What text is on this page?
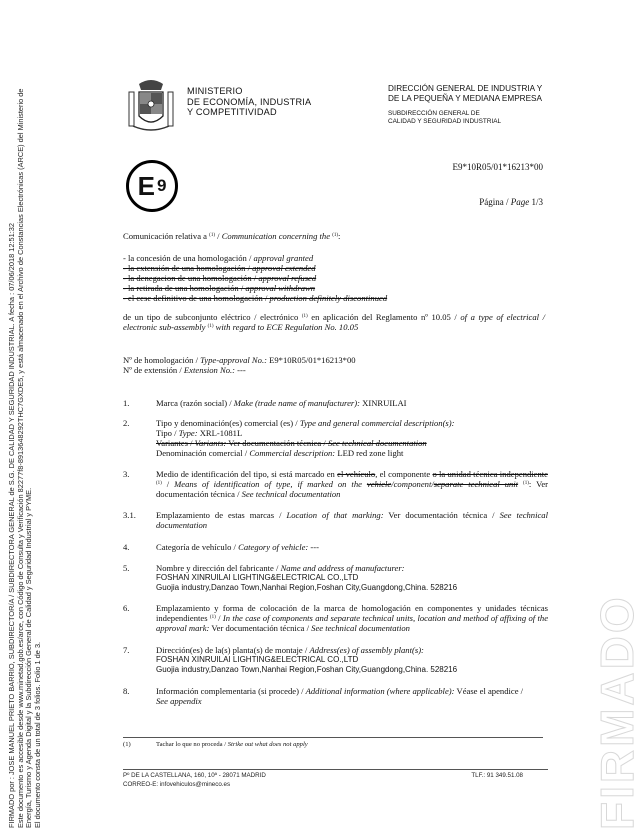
FIRMADO por : JOSE MANUEL PRIETO BARRIO, SUBDIRECTOR/A / SUBDIRECTORA GENERAL de S.G. DE CALIDAD Y SEGURIDAD INDUSTRIAL. A fecha : 07/06/2018 12:51:32 Este documento es accesible desde www.minetad.gob.es/arce, con Código de Consulta y Verificación 82277f8-8913648292THC7GXDE5, y está almacenado en el Archivo de Constancias Electrónicas (ARCE) del Ministerio de Energía, Turismo y Agenda Digital y la Subdirección General de Calidad y Seguridad Industrial y PYME. El documento consta de un total de 3 folios. Folio 1 de 3.	FIRMADO
MINISTERIO
DE ECONOMÍA, INDUSTRIA
Y COMPETITIVIDAD
DIRECCIÓN GENERAL DE INDUSTRIA Y
DE LA PEQUEÑA Y MEDIANA EMPRESA
SUBDIRECCIÓN GENERAL DE
CALIDAD Y SEGURIDAD INDUSTRIAL
E 9
E9*10R05/01*16213*00
Página / Page 1/3
Comunicación relativa a $^{(1)}$ / Communication concerning the $^{(1)}$:
- la concesión de una homologación / approval granted
- la extensión de una homologación / approval extended
- la denegacion de una homologación / approval refused
- la retirada de una homologación / approval withdrawn
- el cese definitivo de una homologación / production definitely discontinued
de un tipo de subconjunto eléctrico / electrónico $^{(1)}$ en aplicación del Reglamento nº 10.05 / of a type of electrical / electronic sub-assembly $^{(1)}$ with regard to ECE Regulation No. 10.05
Nº de homologación / Type-approval No.: E9*10R05/01*16213*00
Nº de extensión / Extension No.: ---
1.	Marca (razón social) / Make (trade name of manufacturer): XINRUILAI
2.	Tipo y denominación(es) comercial (es) / Type and general commercial description(s):
Tipo / Type: XRL-1081L
Variantes / Variants: Ver documentación técnica / See technical documentation
Denominación comercial / Commercial description: LED red zone light
3.	Medio de identificación del tipo, si está marcado en el vehículo, el componente o la unidad técnica independiente $^{(1)}$ / Means of identification of type, if marked on the vehicle/component/separate technical unit $^{(1)}$: Ver documentación técnica / See technical documentation
3.1. Emplazamiento de estas marcas / Location of that marking: Ver documentación técnica / See technical documentation
4.	Categoría de vehículo / Category of vehicle: ---
5.	Nombre y dirección del fabricante / Name and address of manufacturer:
FOSHAN XINRUILAI LIGHTING&ELECTRICAL CO.,LTD
Guojia industry,Danzao Town,Nanhai Region,Foshan City,Guangdong,China. 528216
6.	Emplazamiento y forma de colocación de la marca de homologación en componentes y unidades técnicas independientes $^{(1)}$ / In the case of components and separate technical units, location and method of affixing of the approval mark: Ver documentación técnica / See technical documentation
7.	Dirección(es) de la(s) planta(s) de montaje / Address(es) of assembly plant(s):
FOSHAN XINRUILAI LIGHTING&ELECTRICAL CO.,LTD
Guojia industry,Danzao Town,Nanhai Region,Foshan City,Guangdong,China. 528216
8.	Información complementaria (si procede) / Additional information (where applicable): Véase el apendice /
See appendix
(1)	Tachar lo que no proceda / Strike out what does not apply
Pº DE LA CASTELLANA, 160, 10ª - 28071 MADRID
CORREO-E: infovehiculos@mineco.es
TLF.: 91 349.51.08
